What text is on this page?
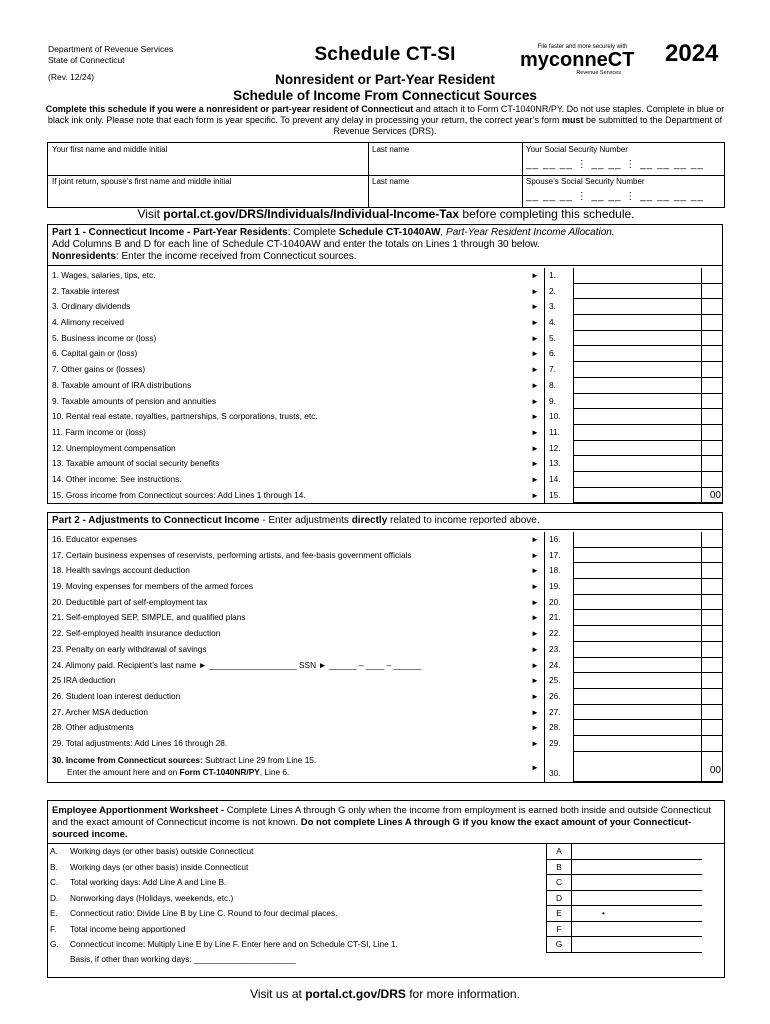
Department of Revenue Services
State of Connecticut
(Rev. 12/24)
Schedule CT-SI
Nonresident or Part-Year Resident
Schedule of Income From Connecticut Sources
File faster and more securely with
myconneCT
Revenue Services
2024
Complete this schedule if you were a nonresident or part-year resident of Connecticut and attach it to Form CT-1040NR/PY. Do not use staples. Complete in blue or black ink only. Please note that each form is year specific. To prevent any delay in processing your return, the correct year’s form must be submitted to the Department of Revenue Services (DRS).
Your first name and middle initial	Last name	Your Social Security Number
__ __ __ ⋮ __ __ ⋮ __ __ __ __
If joint return, spouse’s first name and middle initial	Last name	Spouse’s Social Security Number
__ __ __ ⋮ __ __ ⋮ __ __ __ __
Visit portal.ct.gov/DRS/Individuals/Individual-Income-Tax before completing this schedule.
Part 1 - Connecticut Income - Part-Year Residents: Complete Schedule CT-1040AW, Part-Year Resident Income Allocation.
Add Columns B and D for each line of Schedule CT-1040AW and enter the totals on Lines 1 through 30 below.
Nonresidents: Enter the income received from Connecticut sources.
1. Wages, salaries, tips, etc.	►	1.
2. Taxable interest	►	2.
3. Ordinary dividends	►	3.
4. Alimony received	►	4.
5. Business income or (loss)	►	5.
6. Capital gain or (loss)	►	6.
7. Other gains or (losses)	►	7.
8. Taxable amount of IRA distributions	►	8.
9. Taxable amounts of pension and annuities	►	9.
10. Rental real estate, royalties, partnerships, S corporations, trusts, etc.	►	10.
11. Farm income or (loss)	►	11.
12. Unemployment compensation	►	12.
13. Taxable amount of social security benefits	►	13.
14. Other income: See instructions.	►	14.
15. Gross income from Connecticut sources: Add Lines 1 through 14.	►	15.	00
Part 2 - Adjustments to Connecticut Income - Enter adjustments directly related to income reported above.
16. Educator expenses	►	16.
17. Certain business expenses of reservists, performing artists, and fee-basis government officials	►	17.
18. Health savings account deduction	►	18.
19. Moving expenses for members of the armed forces	►	19.
20. Deductible part of self-employment tax	►	20.
21. Self-employed SEP, SIMPLE, and qualified plans	►	21.
22. Self-employed health insurance deduction	►	22.
23. Penalty on early withdrawal of savings	►	23.
24. Alimony paid. Recipient’s last name ► ___________________ SSN ► ______ – ____ – ______	►	24.
25 IRA deduction	►	25.
26. Student loan interest deduction	►	26.
27. Archer MSA deduction	►	27.
28. Other adjustments	►	28.
29. Total adjustments: Add Lines 16 through 28.	►	29.
30. Income from Connecticut sources: Subtract Line 29 from Line 15.
Enter the amount here and on Form CT-1040NR/PY, Line 6.	►
30.	00
Employee Apportionment Worksheet - Complete Lines A through G only when the income from employment is earned both inside and outside Connecticut and the exact amount of Connecticut income is not known. Do not complete Lines A through G if you know the exact amount of your Connecticut-sourced income.
A. Working days (or other basis) outside Connecticut	A
B. Working days (or other basis) inside Connecticut	B
C. Total working days: Add Line A and Line B.	C
D. Nonworking days (Holidays, weekends, etc.)	D
E. Connecticut ratio: Divide Line B by Line C. Round to four decimal places.	E	•
F. Total income being apportioned	F
G. Connecticut income: Multiply Line E by Line F. Enter here and on Schedule CT-SI, Line 1.	G
Basis, if other than working days: ______________________
Visit us at portal.ct.gov/DRS for more information.
